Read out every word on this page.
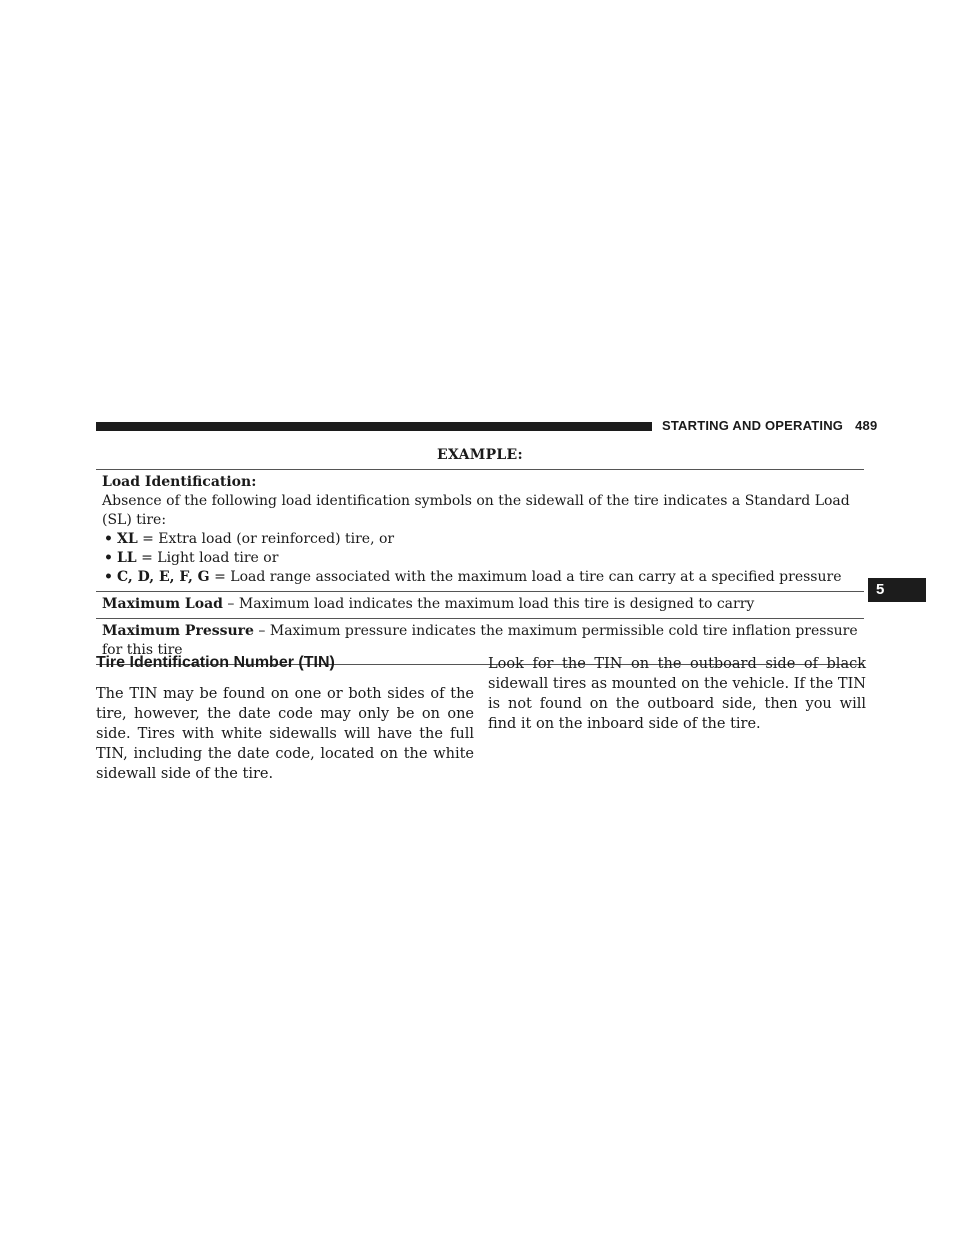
STARTING AND OPERATING 489
5
EXAMPLE:
Load Identification:
Absence of the following load identification symbols on the sidewall of the tire indicates a Standard Load (SL) tire:
• XL = Extra load (or reinforced) tire, or
• LL = Light load tire or
• C, D, E, F, G = Load range associated with the maximum load a tire can carry at a specified pressure
Maximum Load – Maximum load indicates the maximum load this tire is designed to carry
Maximum Pressure – Maximum pressure indicates the maximum permissible cold tire inflation pressure for this tire
Tire Identification Number (TIN)
The TIN may be found on one or both sides of the tire, however, the date code may only be on one side. Tires with white sidewalls will have the full TIN, including the date code, located on the white sidewall side of the tire.
Look for the TIN on the outboard side of black sidewall tires as mounted on the vehicle. If the TIN is not found on the outboard side, then you will find it on the inboard side of the tire.
